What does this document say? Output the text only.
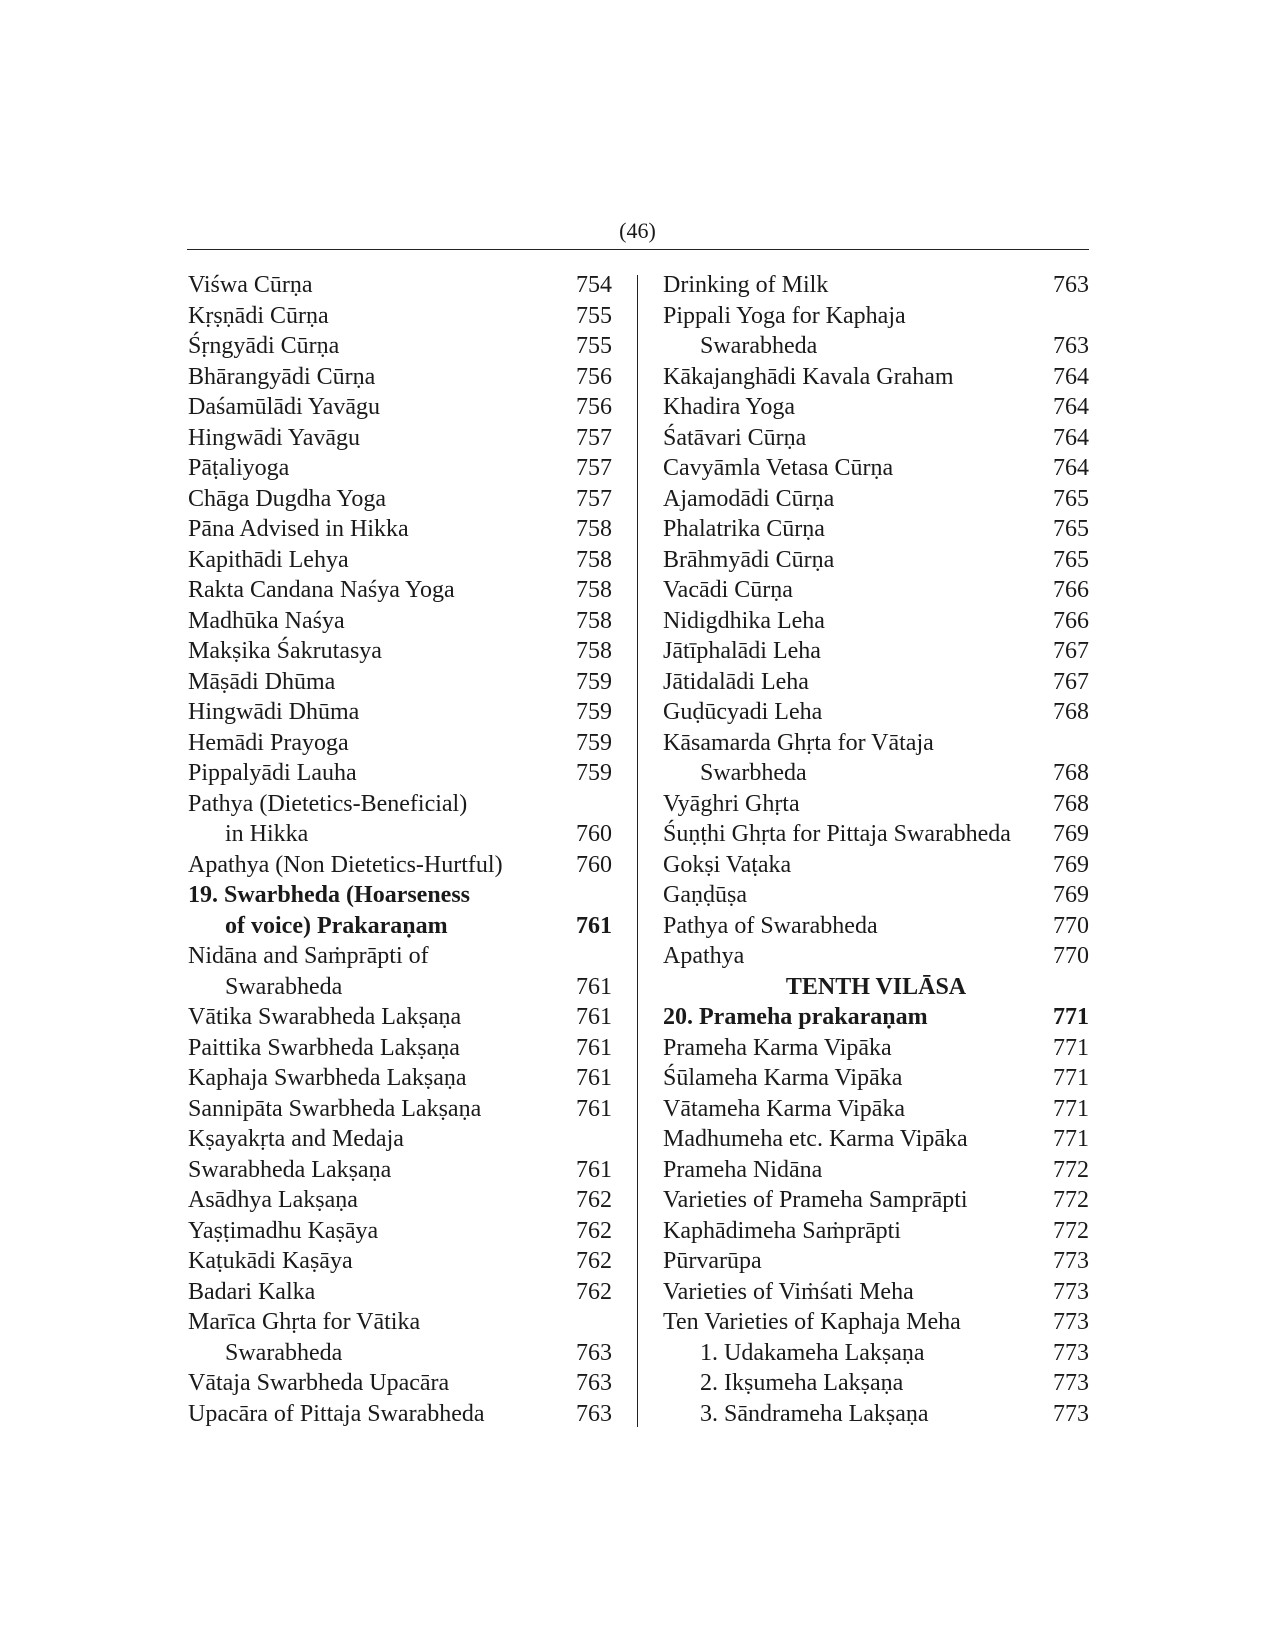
(46)
Viśwa Cūrṇa	754
Kṛṣṇādi Cūrṇa	755
Śṛngyādi Cūrṇa	755
Bhārangyādi Cūrṇa	756
Daśamūlādi Yavāgu	756
Hingwādi Yavāgu	757
Pāṭaliyoga	757
Chāga Dugdha Yoga	757
Pāna Advised in Hikka	758
Kapithādi Lehya	758
Rakta Candana Naśya Yoga	758
Madhūka Naśya	758
Makṣika Śakrutasya	758
Māṣādi Dhūma	759
Hingwādi Dhūma	759
Hemādi Prayoga	759
Pippalyādi Lauha	759
Pathya (Dietetics-Beneficial)
in Hikka	760
Apathya (Non Dietetics-Hurtful)	760
19. Swarbheda (Hoarseness
of voice) Prakaraṇam	761
Nidāna and Saṁprāpti of
Swarabheda	761
Vātika Swarabheda Lakṣaṇa	761
Paittika Swarbheda Lakṣaṇa	761
Kaphaja Swarbheda Lakṣaṇa	761
Sannipāta Swarbheda Lakṣaṇa	761
Kṣayakṛta and Medaja
Swarabheda Lakṣaṇa	761
Asādhya Lakṣaṇa	762
Yaṣṭimadhu Kaṣāya	762
Kaṭukādi Kaṣāya	762
Badari Kalka	762
Marīca Ghṛta for Vātika
Swarabheda	763
Vātaja Swarbheda Upacāra	763
Upacāra of Pittaja Swarabheda	763
Drinking of Milk	763
Pippali Yoga for Kaphaja
Swarabheda	763
Kākajanghādi Kavala Graham	764
Khadira Yoga	764
Śatāvari Cūrṇa	764
Cavyāmla Vetasa Cūrṇa	764
Ajamodādi Cūrṇa	765
Phalatrika Cūrṇa	765
Brāhmyādi Cūrṇa	765
Vacādi Cūrṇa	766
Nidigdhika Leha	766
Jātīphalādi Leha	767
Jātidalādi Leha	767
Guḍūcyadi Leha	768
Kāsamarda Ghṛta for Vātaja
Swarbheda	768
Vyāghri Ghṛta	768
Śuṇṭhi Ghṛta for Pittaja Swarabheda 769
Gokṣi Vaṭaka	769
Gaṇḍūṣa	769
Pathya of Swarabheda	770
Apathya	770
TENTH VILĀSA
20. Prameha prakaraṇam	771
Prameha Karma Vipāka	771
Śūlameha Karma Vipāka	771
Vātameha Karma Vipāka	771
Madhumeha etc. Karma Vipāka	771
Prameha Nidāna	772
Varieties of Prameha Samprāpti	772
Kaphādimeha Saṁprāpti	772
Pūrvarūpa	773
Varieties of Viṁśati Meha	773
Ten Varieties of Kaphaja Meha	773
1. Udakameha Lakṣaṇa	773
2. Ikṣumeha Lakṣaṇa	773
3. Sāndrameha Lakṣaṇa	773
